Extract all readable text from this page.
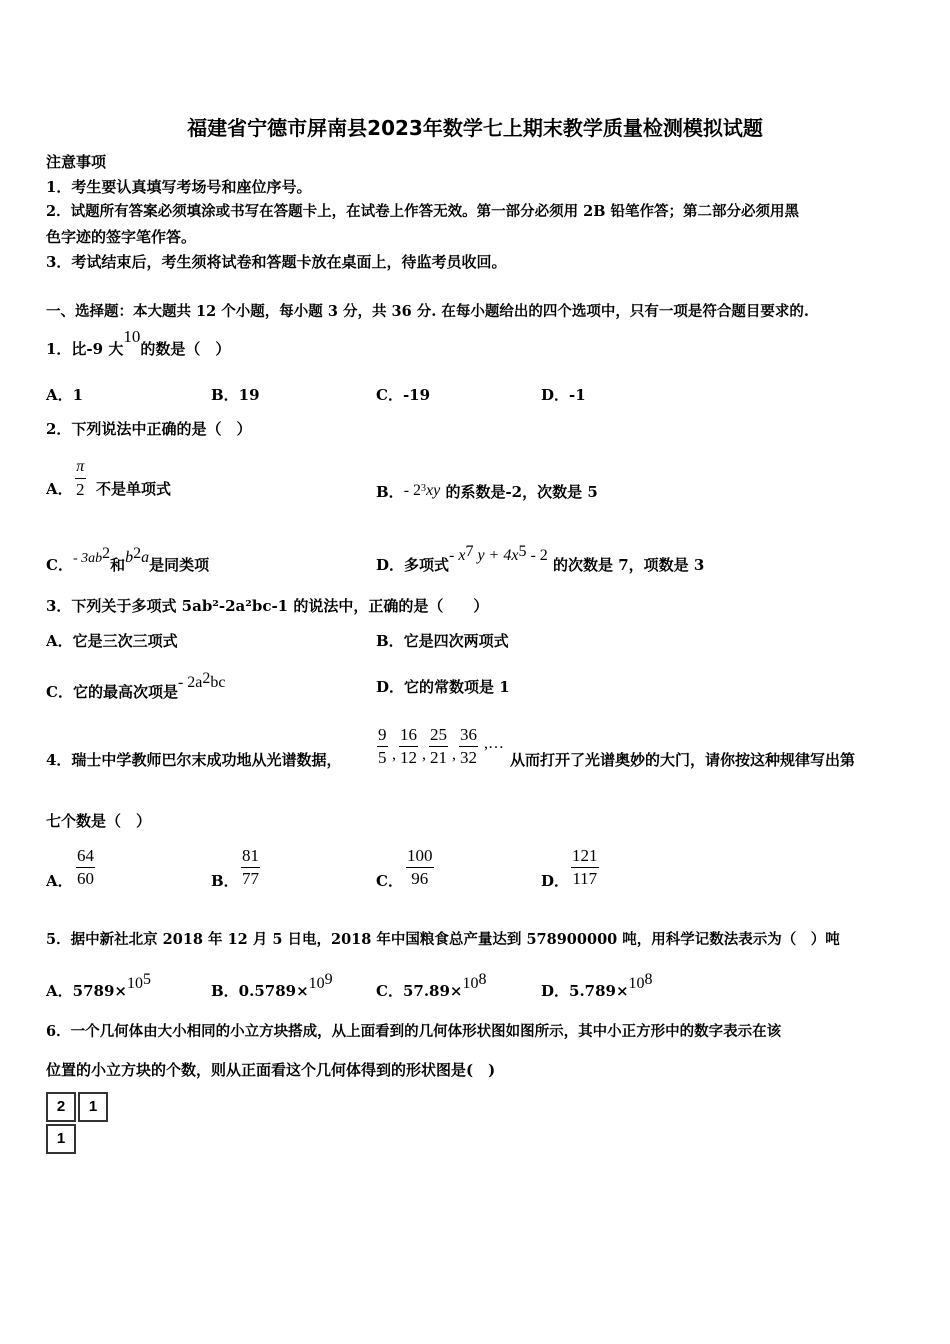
福建省宁德市屏南县2023年数学七上期末教学质量检测模拟试题
注意事项
1．考生要认真填写考场号和座位序号。
2．试题所有答案必须填涂或书写在答题卡上，在试卷上作答无效。第一部分必须用 2B 铅笔作答；第二部分必须用黑
色字迹的签字笔作答。
3．考试结束后，考生须将试卷和答题卡放在桌面上，待监考员收回。
一、选择题：本大题共 12 个小题，每小题 3 分，共 36 分. 在每小题给出的四个选项中，只有一项是符合题目要求的.
1．比-9 大10的数是（　）
A．1	B．19	C．-19	D．-1
2．下列说法中正确的是（　）
A． $\frac{\pi}{2}$ 不是单项式	B．- $2^3xy$ 的系数是-2，次数是 5
C．- $3ab^2$和$b^2a$是同类项	D．多项式- $x^7$ $y + 4x^5 - 2$ 的次数是 7，项数是 3
3．下列关于多项式 5ab²-2a²bc-1 的说法中，正确的是（　　）
A．它是三次三项式	B．它是四次两项式
C．它的最高次项是- $2a^2bc$	D．它的常数项是 1
4．瑞士中学教师巴尔末成功地从光谱数据， $\frac{9}{5}$ , $\frac{16}{12}$ , $\frac{25}{21}$ , $\frac{36}{32}$ ,…
从而打开了光谱奥妙的大门，请你按这种规律写出第
七个数是（　）
A． $\frac{64}{60}$	B． $\frac{81}{77}$	C． $\frac{100}{96}$	D． $\frac{121}{117}$
5．据中新社北京 2018 年 12 月 5 日电，2018 年中国粮食总产量达到 578900000 吨，用科学记数法表示为（　）吨
A．$5789\times 10^5$
B．$0.5789\times 10^9$
C．$57.89\times 10^8$
D．$5.789\times 10^8$
6．一个几何体由大小相同的小立方块搭成，从上面看到的几何体形状图如图所示，其中小正方形中的数字表示在该
位置的小立方块的个数，则从正面看这个几何体得到的形状图是(　)
2	1
1
